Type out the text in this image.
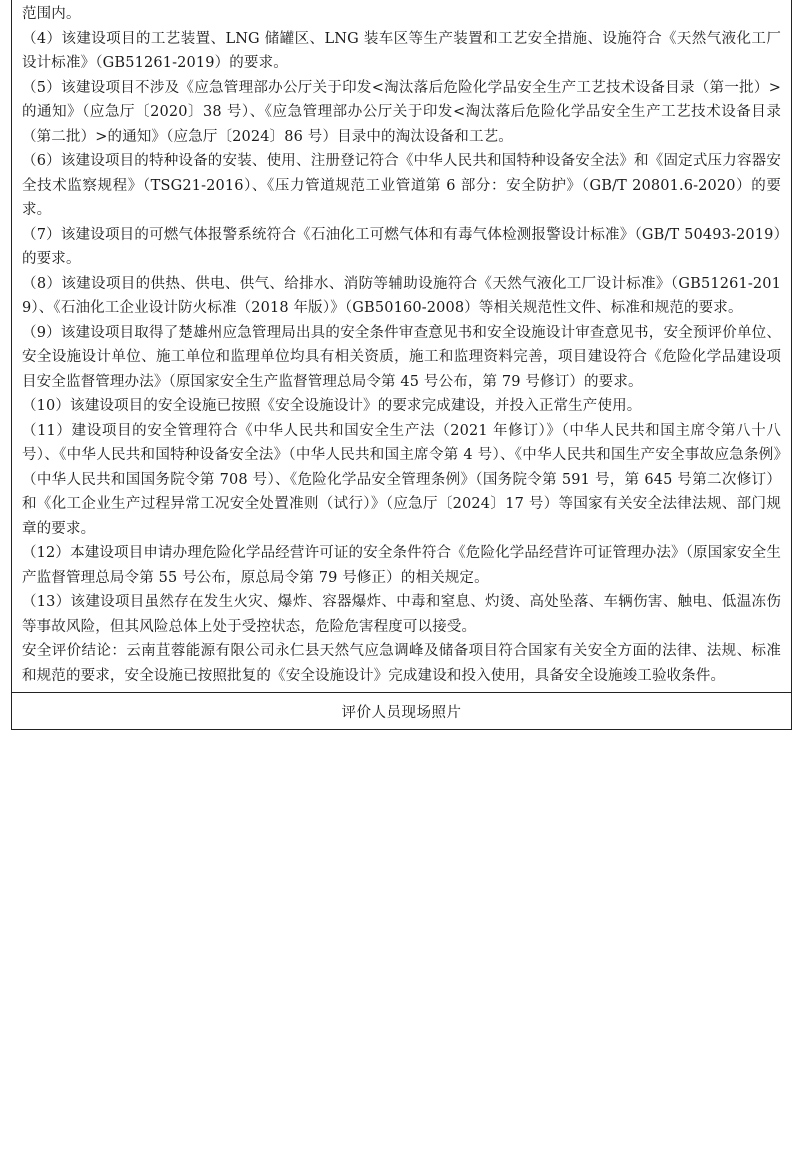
范围内。

（4）该建设项目的工艺装置、LNG 储罐区、LNG 装车区等生产装置和工艺安全措施、设施符合《天然气液化工厂设计标准》（GB51261-2019）的要求。

（5）该建设项目不涉及《应急管理部办公厅关于印发<淘汰落后危险化学品安全生产工艺技术设备目录（第一批）>的通知》（应急厅〔2020〕38 号）、《应急管理部办公厅关于印发<淘汰落后危险化学品安全生产工艺技术设备目录（第二批）>的通知》（应急厅〔2024〕86 号）目录中的淘汰设备和工艺。

（6）该建设项目的特种设备的安装、使用、注册登记符合《中华人民共和国特种设备安全法》和《固定式压力容器安全技术监察规程》（TSG21-2016）、《压力管道规范工业管道第 6 部分：安全防护》（GB/T 20801.6-2020）的要求。

（7）该建设项目的可燃气体报警系统符合《石油化工可燃气体和有毒气体检测报警设计标准》（GB/T 50493-2019）的要求。

（8）该建设项目的供热、供电、供气、给排水、消防等辅助设施符合《天然气液化工厂设计标准》（GB51261-2019）、《石油化工企业设计防火标准（2018 年版）》（GB50160-2008）等相关规范性文件、标准和规范的要求。

（9）该建设项目取得了楚雄州应急管理局出具的安全条件审查意见书和安全设施设计审查意见书，安全预评价单位、安全设施设计单位、施工单位和监理单位均具有相关资质，施工和监理资料完善，项目建设符合《危险化学品建设项目安全监督管理办法》（原国家安全生产监督管理总局令第 45 号公布，第 79 号修订）的要求。

（10）该建设项目的安全设施已按照《安全设施设计》的要求完成建设，并投入正常生产使用。

（11）建设项目的安全管理符合《中华人民共和国安全生产法（2021 年修订）》（中华人民共和国主席令第八十八号）、《中华人民共和国特种设备安全法》（中华人民共和国主席令第 4 号）、《中华人民共和国生产安全事故应急条例》（中华人民共和国国务院令第 708 号）、《危险化学品安全管理条例》（国务院令第 591 号，第 645 号第二次修订）和《化工企业生产过程异常工况安全处置准则（试行）》（应急厅〔2024〕17 号）等国家有关安全法律法规、部门规章的要求。

（12）本建设项目申请办理危险化学品经营许可证的安全条件符合《危险化学品经营许可证管理办法》（原国家安全生产监督管理总局令第 55 号公布，原总局令第 79 号修正）的相关规定。

（13）该建设项目虽然存在发生火灾、爆炸、容器爆炸、中毒和窒息、灼烫、高处坠落、车辆伤害、触电、低温冻伤等事故风险，但其风险总体上处于受控状态，危险危害程度可以接受。

安全评价结论：云南苴蓉能源有限公司永仁县天然气应急调峰及储备项目符合国家有关安全方面的法律、法规、标准和规范的要求，安全设施已按照批复的《安全设施设计》完成建设和投入使用，具备安全设施竣工验收条件。

评价人员现场照片
